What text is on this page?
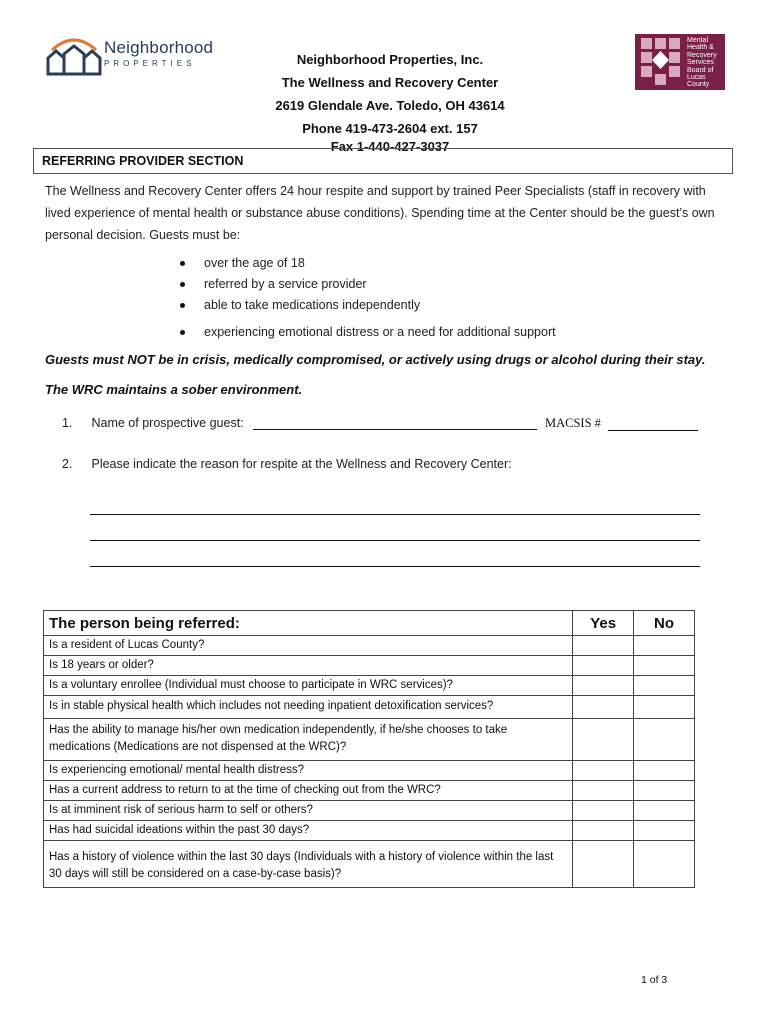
Neighborhood
PROPERTIES	Neighborhood Properties, Inc.
The Wellness and Recovery Center
2619 Glendale Ave. Toledo, OH 43614
Phone 419-473-2604 ext. 157
Fax 1-440-427-3037
Mental Health & Recovery Services Board of Lucas County
REFERRING PROVIDER SECTION
The Wellness and Recovery Center offers 24 hour respite and support by trained Peer Specialists (staff in recovery with lived experience of mental health or substance abuse conditions). Spending time at the Center should be the guest’s own personal decision. Guests must be:
over the age of 18
referred by a service provider
able to take medications independently
experiencing emotional distress or a need for additional support
Guests must NOT be in crisis, medically compromised, or actively using drugs or alcohol during their stay.
The WRC maintains a sober environment.
1. Name of prospective guest:	MACSIS #
2. Please indicate the reason for respite at the Wellness and Recovery Center:
The person being referred:	Yes	No
Is a resident of Lucas County?		
Is 18 years or older?		
Is a voluntary enrollee (Individual must choose to participate in WRC services)?		
Is in stable physical health which includes not needing inpatient detoxification services?		
Has the ability to manage his/her own medication independently, if he/she chooses to take medications (Medications are not dispensed at the WRC)?		
Is experiencing emotional/ mental health distress?		
Has a current address to return to at the time of checking out from the WRC?		
Is at imminent risk of serious harm to self or others?		
Has had suicidal ideations within the past 30 days?		
Has a history of violence within the last 30 days (Individuals with a history of violence within the last 30 days will still be considered on a case-by-case basis)?		
1 of 3
